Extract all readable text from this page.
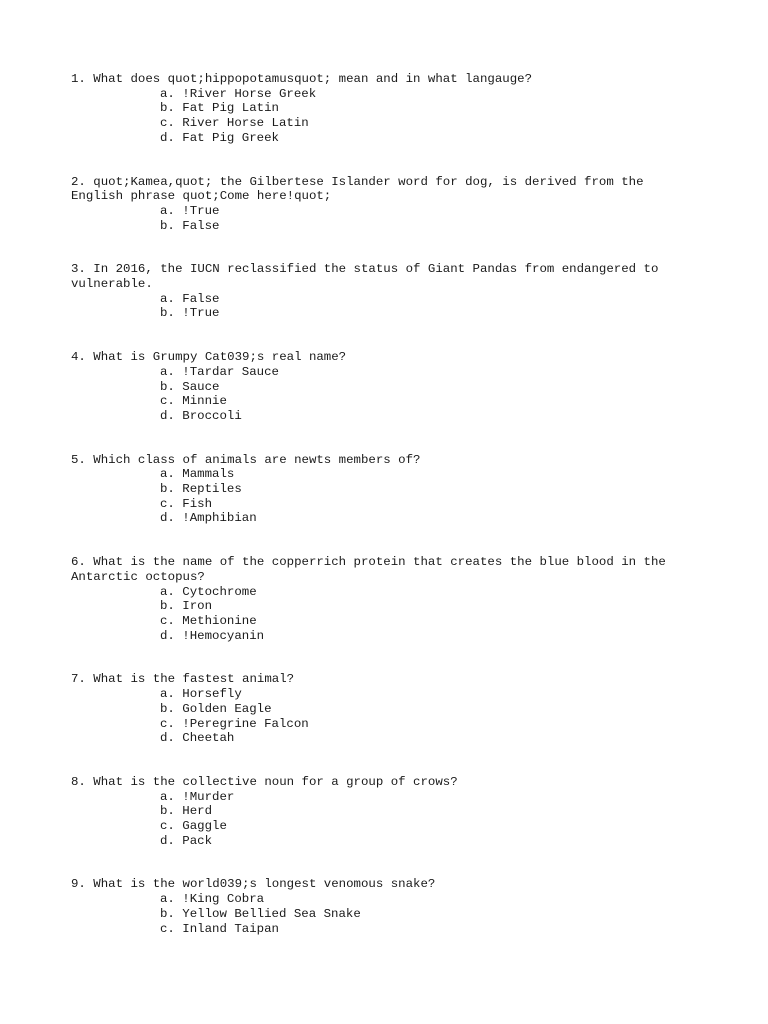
1. What does quot;hippopotamusquot; mean and in what langauge?
a. !River Horse Greek
b. Fat Pig Latin
c. River Horse Latin
d. Fat Pig Greek
2. quot;Kamea,quot; the Gilbertese Islander word for dog, is derived from the English phrase quot;Come here!quot;
a. !True
b. False
3. In 2016, the IUCN reclassified the status of Giant Pandas from endangered to vulnerable.
a. False
b. !True
4. What is Grumpy Cat039;s real name?
a. !Tardar Sauce
b. Sauce
c. Minnie
d. Broccoli
5. Which class of animals are newts members of?
a. Mammals
b. Reptiles
c. Fish
d. !Amphibian
6. What is the name of the copperrich protein that creates the blue blood in the Antarctic octopus?
a. Cytochrome
b. Iron
c. Methionine
d. !Hemocyanin
7. What is the fastest animal?
a. Horsefly
b. Golden Eagle
c. !Peregrine Falcon
d. Cheetah
8. What is the collective noun for a group of crows?
a. !Murder
b. Herd
c. Gaggle
d. Pack
9. What is the world039;s longest venomous snake?
a. !King Cobra
b. Yellow Bellied Sea Snake
c. Inland Taipan
